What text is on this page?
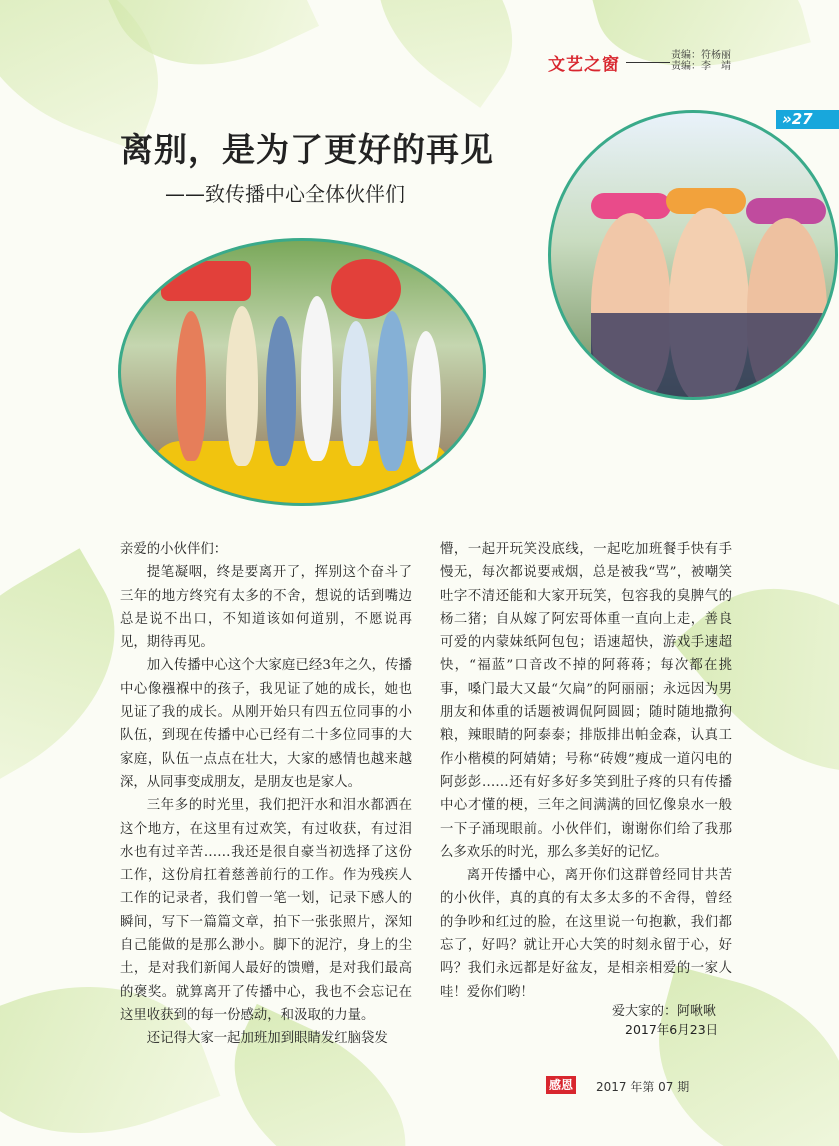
文艺之窗	责编：符杨丽
责编：李　靖
»27
离别，是为了更好的再见
——致传播中心全体伙伴们

亲爱的小伙伴们：

提笔凝咽，终是要离开了，挥别这个奋斗了三年的地方终究有太多的不舍，想说的话到嘴边总是说不出口，不知道该如何道别，不愿说再见，期待再见。

加入传播中心这个大家庭已经3年之久，传播中心像襁褓中的孩子，我见证了她的成长，她也见证了我的成长。从刚开始只有四五位同事的小队伍，到现在传播中心已经有二十多位同事的大家庭，队伍一点点在壮大，大家的感情也越来越深，从同事变成朋友，是朋友也是家人。

三年多的时光里，我们把汗水和泪水都洒在这个地方，在这里有过欢笑，有过收获，有过泪水也有过辛苦……我还是很自豪当初选择了这份工作，这份肩扛着慈善前行的工作。作为残疾人工作的记录者，我们曾一笔一划，记录下感人的瞬间，写下一篇篇文章，拍下一张张照片，深知自己能做的是那么渺小。脚下的泥泞，身上的尘土，是对我们新闻人最好的馈赠，是对我们最高的褒奖。就算离开了传播中心，我也不会忘记在这里收获到的每一份感动，和汲取的力量。

还记得大家一起加班加到眼睛发红脑袋发

懵，一起开玩笑没底线，一起吃加班餐手快有手慢无，每次都说要戒烟，总是被我“骂”，被嘲笑吐字不清还能和大家开玩笑，包容我的臭脾气的杨二猪；自从嫁了阿宏哥体重一直向上走，善良可爱的内蒙妹纸阿包包；语速超快，游戏手速超快，“福蓝”口音改不掉的阿蒋蒋；每次都在挑事，嗓门最大又最“欠扁”的阿丽丽；永远因为男朋友和体重的话题被调侃阿圆圆；随时随地撒狗粮，辣眼睛的阿泰泰；排版排出帕金森，认真工作小楷模的阿婧婧；号称“砖嫂”瘦成一道闪电的阿彭彭……还有好多好多笑到肚子疼的只有传播中心才懂的梗，三年之间满满的回忆像泉水一般一下子涌现眼前。小伙伴们，谢谢你们给了我那么多欢乐的时光，那么多美好的记忆。

离开传播中心，离开你们这群曾经同甘共苦的小伙伴，真的真的有太多太多的不舍得，曾经的争吵和红过的脸，在这里说一句抱歉，我们都忘了，好吗？就让开心大笑的时刻永留于心，好吗？我们永远都是好盆友，是相亲相爱的一家人哇！爱你们哟！

爱大家的：阿啾啾
2017年6月23日
感恩 2017 年第 07 期
